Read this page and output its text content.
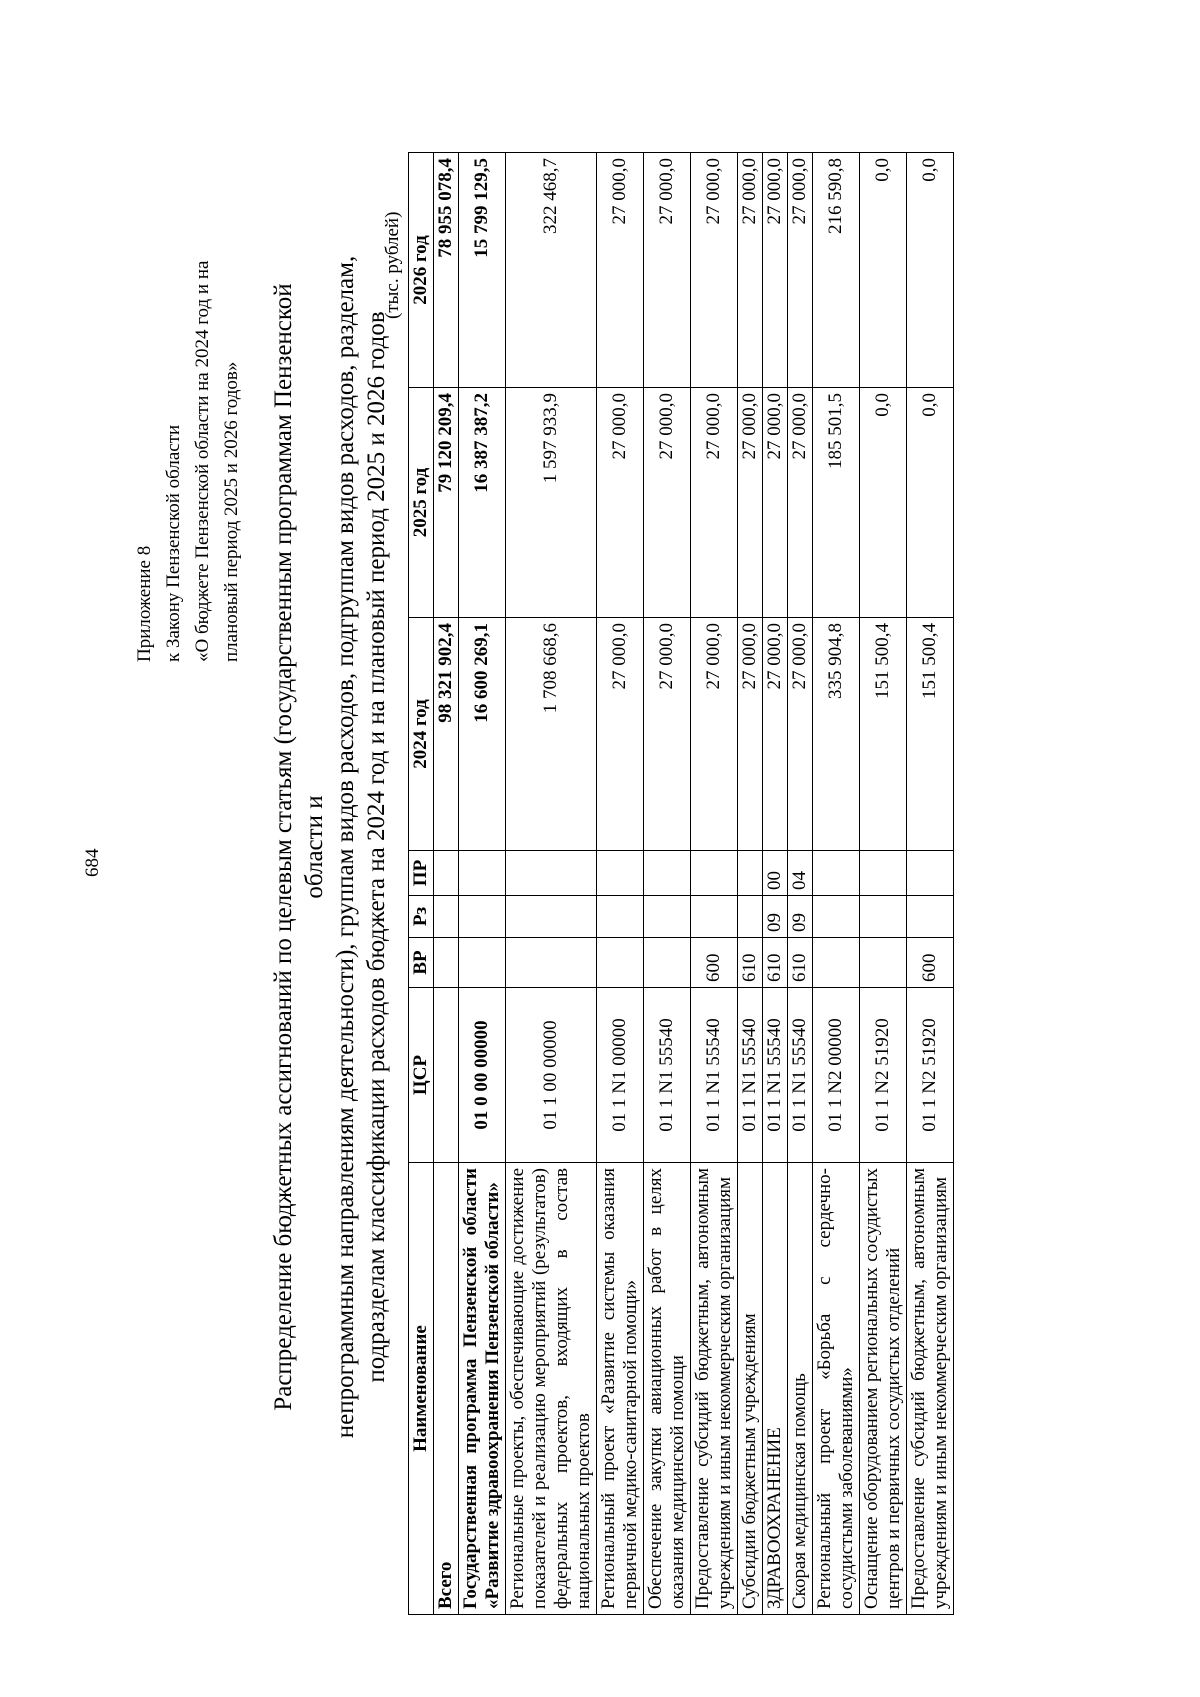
684
Приложение 8 к Закону Пензенской области «О бюджете Пензенской области на 2024 год и на плановый период 2025 и 2026 годов» Распределение бюджетных ассигнований по целевым статьям (государственным программам Пензенской области и непрограммным направлениям деятельности), группам видов расходов, подгруппам видов расходов, разделам, подразделам классификации расходов бюджета на 2024 год и на плановый период 2025 и 2026 годов
(тыс. рублей)
Наименование	ЦСР	ВР	Рз	ПР	2024 год	2025 год	2026 год
Всего					98 321 902,4	79 120 209,4	78 955 078,4
Государственная программа Пензенской области «Развитие здравоохранения Пензенской области»	01 0 00 00000				16 600 269,1	16 387 387,2	15 799 129,5
Региональные проекты, обеспечивающие достижение показателей и реализацию мероприятий (результатов) федеральных проектов, входящих в состав национальных проектов	01 1 00 00000				1 708 668,6	1 597 933,9	322 468,7
Региональный проект «Развитие системы оказания первичной медико-санитарной помощи»	01 1 N1 00000				27 000,0	27 000,0	27 000,0
Обеспечение закупки авиационных работ в целях оказания медицинской помощи	01 1 N1 55540				27 000,0	27 000,0	27 000,0
Предоставление субсидий бюджетным, автономным учреждениям и иным некоммерческим организациям	01 1 N1 55540	600			27 000,0	27 000,0	27 000,0
Субсидии бюджетным учреждениям	01 1 N1 55540	610			27 000,0	27 000,0	27 000,0
ЗДРАВООХРАНЕНИЕ	01 1 N1 55540	610	09	00	27 000,0	27 000,0	27 000,0
Скорая медицинская помощь	01 1 N1 55540	610	09	04	27 000,0	27 000,0	27 000,0
Региональный проект «Борьба с сердечно-сосудистыми заболеваниями»	01 1 N2 00000				335 904,8	185 501,5	216 590,8
Оснащение оборудованием региональных сосудистых центров и первичных сосудистых отделений	01 1 N2 51920				151 500,4	0,0	0,0
Предоставление субсидий бюджетным, автономным учреждениям и иным некоммерческим организациям	01 1 N2 51920	600			151 500,4	0,0	0,0
